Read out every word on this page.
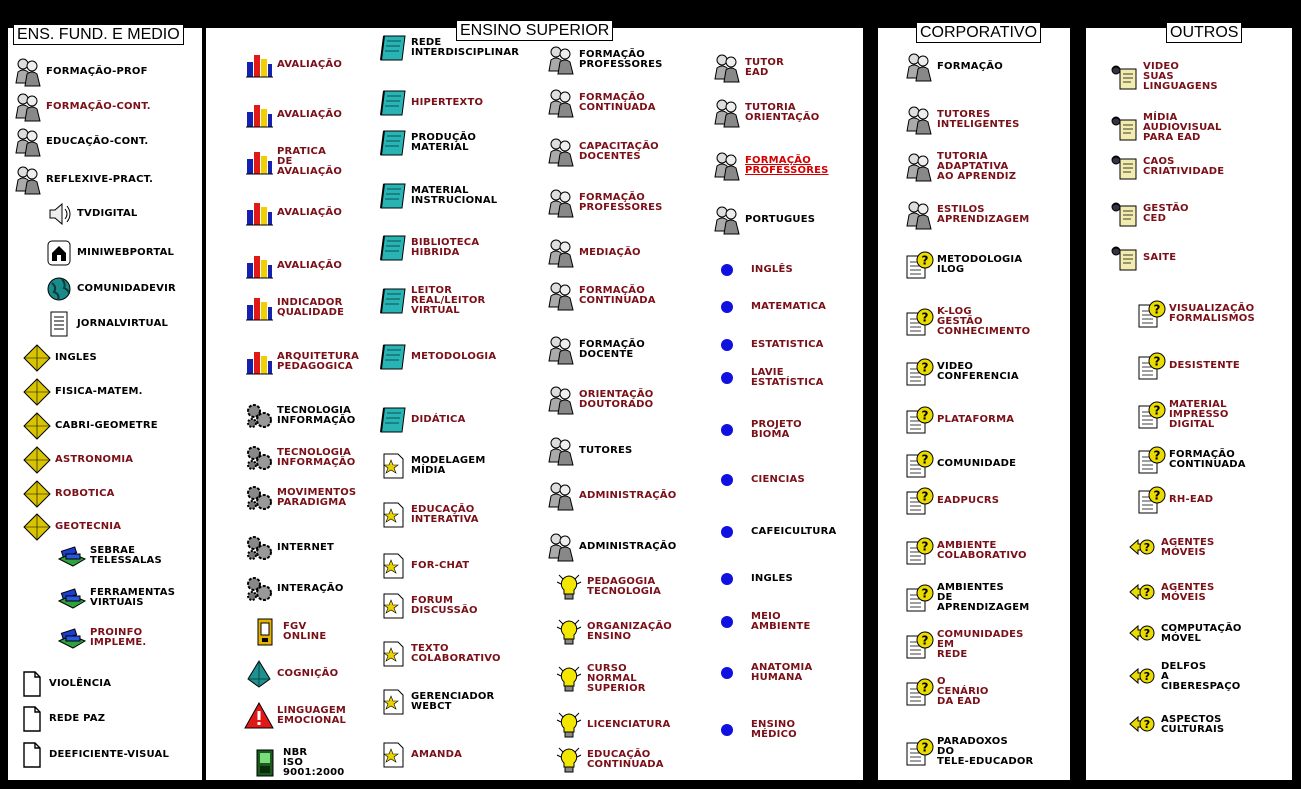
ENS. FUND. E MEDIO	ENSINO SUPERIOR	CORPORATIVO	OUTROS
FORMAÇÃO-PROF
FORMAÇÃO-CONT.
EDUCAÇÃO-CONT.
REFLEXIVE-PRACT.
TVDIGITAL
MINIWEBPORTAL
COMUNIDADEVIR
JORNALVIRTUAL
INGLES
FISICA-MATEM.
CABRI-GEOMETRE
ASTRONOMIA
ROBOTICA
GEOTECNIA
SEBRAE
TELESSALAS
FERRAMENTAS
VIRTUAIS
PROINFO
IMPLEME.
VIOLÊNCIA
REDE PAZ
DEEFICIENTE-VISUAL
AVALIAÇÃO
AVALIAÇÃO
PRATICA
DE
AVALIAÇÃO
AVALIAÇÃO
AVALIAÇÃO
INDICADOR
QUALIDADE
ARQUITETURA
PEDAGOGICA
TECNOLOGIA
INFORMAÇÃO
TECNOLOGIA
INFORMAÇÃO
MOVIMENTOS
PARADIGMA
INTERNET
INTERAÇÃO
FGV
ONLINE
COGNIÇÃO
LINGUAGEM
EMOCIONAL
NBR
ISO
9001:2000
REDE
INTERDISCIPLINAR
HIPERTEXTO
PRODUÇÃO
MATERIAL
MATERIAL
INSTRUCIONAL
BIBLIOTECA
HIBRIDA
LEITOR
REAL/LEITOR
VIRTUAL
METODOLOGIA
DIDÁTICA
MODELAGEM
MÍDIA
EDUCAÇÃO
INTERATIVA
FOR-CHAT
FORUM
DISCUSSÃO
TEXTO
COLABORATIVO
GERENCIADOR
WEBCT
AMANDA
FORMAÇÃO
PROFESSORES
FORMAÇÃO
CONTINUADA
CAPACITAÇÃO
DOCENTES
FORMAÇÃO
PROFESSORES
MEDIAÇÃO
FORMAÇÃO
CONTINUADA
FORMAÇÃO
DOCENTE
ORIENTAÇÃO
DOUTORADO
TUTORES
ADMINISTRAÇÃO
ADMINISTRAÇÃO
PEDAGOGIA
TECNOLOGIA
ORGANIZAÇÃO
ENSINO
CURSO
NORMAL
SUPERIOR
LICENCIATURA
EDUCAÇÃO
CONTINUADA
TUTOR
EAD
TUTORIA
ORIENTAÇÃO
FORMAÇÃO
PROFESSORES
PORTUGUES
INGLÊS
MATEMATICA
ESTATISTICA
LAVIE
ESTATÍSTICA
PROJETO
BIOMA
CIENCIAS
CAFEICULTURA
INGLES
MEIO
AMBIENTE
ANATOMIA
HUMANA
ENSINO
MÉDICO
FORMAÇÃO
TUTORES
INTELIGENTES
TUTORIA
ADAPTATIVA
AO APRENDIZ
ESTILOS
APRENDIZAGEM
? METODOLOGIA
ILOG
? K-LOG
GESTÃO
CONHECIMENTO
? VIDEO
CONFERENCIA
? PLATAFORMA
? COMUNIDADE
? EADPUCRS
? AMBIENTE
COLABORATIVO
? AMBIENTES
DE
APRENDIZAGEM
? COMUNIDADES
EM
REDE
? O
CENÁRIO
DA EAD
? PARADOXOS
DO
TELE-EDUCADOR
VIDEO
SUAS
LINGUAGENS
MÍDIA
AUDIOVISUAL
PARA EAD
CAOS
CRIATIVIDADE
GESTÃO
CED
SAITE
? VISUALIZAÇÃO
FORMALISMOS
? DESISTENTE
? MATERIAL
IMPRESSO
DIGITAL
? FORMAÇÃO
CONTINUADA
? RH-EAD
? AGENTES
MÓVEIS
? AGENTES
MÓVEIS
? COMPUTAÇÃO
MÓVEL
?
DELFOS
A
CIBERESPAÇO
? ASPECTOS
CULTURAIS
